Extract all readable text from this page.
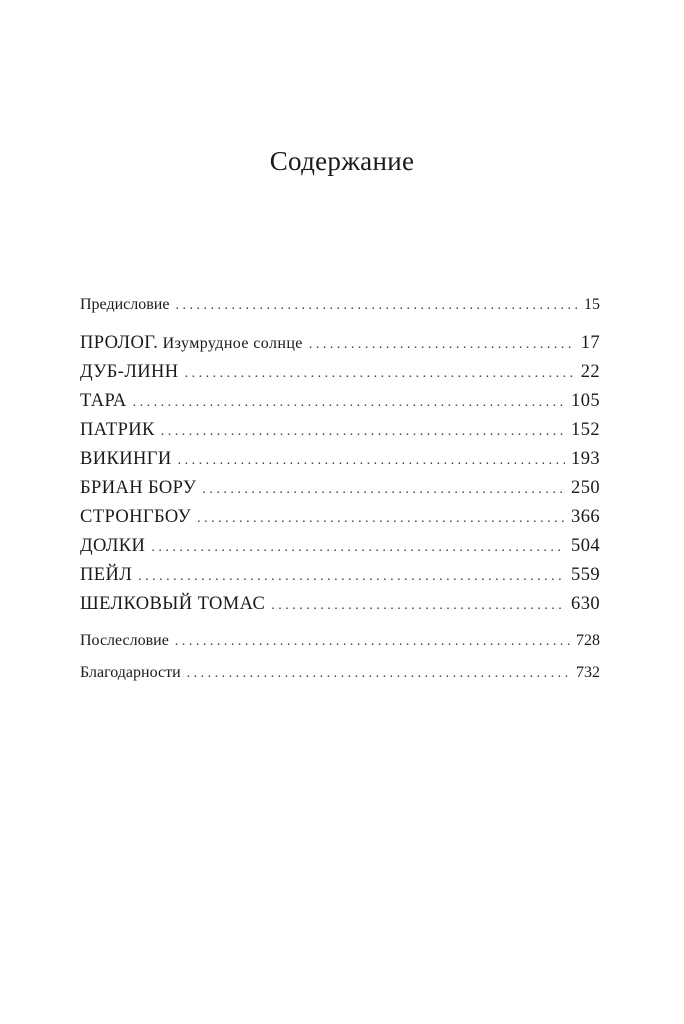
Содержание
Предисловие . . .	15
ПРОЛОГ. Изумрудное солнце . . .	17
ДУБ-ЛИНН . . .	22
ТАРА . . .	105
ПАТРИК . . .	152
ВИКИНГИ . . .	193
БРИАН БОРУ . . .	250
СТРОНГБОУ . . .	366
ДОЛКИ . . .	504
ПЕЙЛ . . .	559
ШЕЛКОВЫЙ ТОМАС . . .	630
Послесловие . . .	728
Благодарности . . .	732
